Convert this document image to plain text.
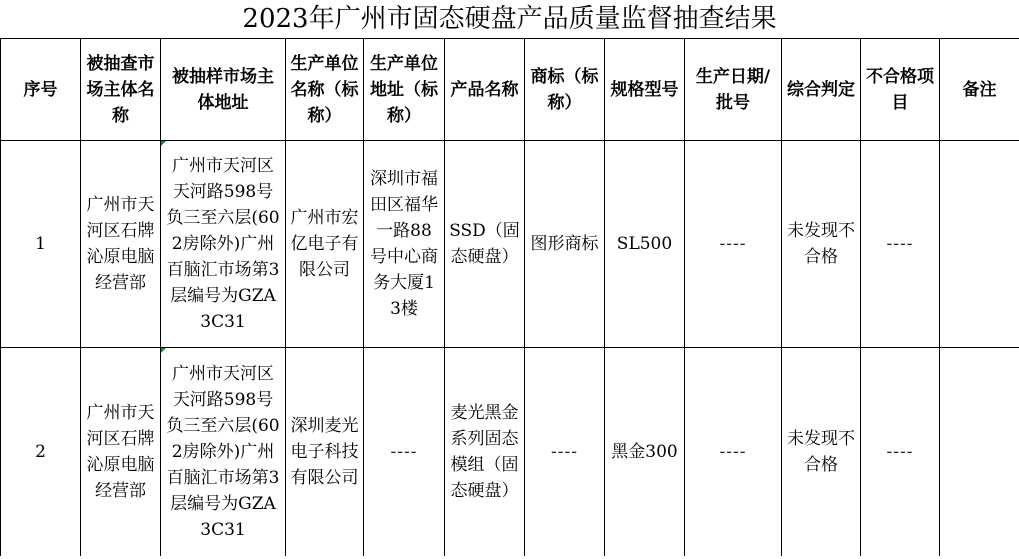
2023年广州市固态硬盘产品质量监督抽查结果
序号	被抽查市场主体名称	被抽样市场主体地址	生产单位名称（标称）	生产单位地址（标称）	产品名称	商标（标称）	规格型号	生产日期/批号	综合判定	不合格项目	备注
1	广州市天河区石牌沁原电脑经营部	广州市天河区天河路598号负三至六层(602房除外)广州百脑汇市场第3层编号为GZA3C31	广州市宏亿电子有限公司	深圳市福田区福华一路88号中心商务大厦13楼	SSD（固态硬盘）	图形商标	SL500	----	未发现不合格	----	
2	广州市天河区石牌沁原电脑经营部	广州市天河区天河路598号负三至六层(602房除外)广州百脑汇市场第3层编号为GZA3C31	深圳麦光电子科技有限公司	----	麦光黑金系列固态模组（固态硬盘）	----	黑金300	----	未发现不合格	----	
